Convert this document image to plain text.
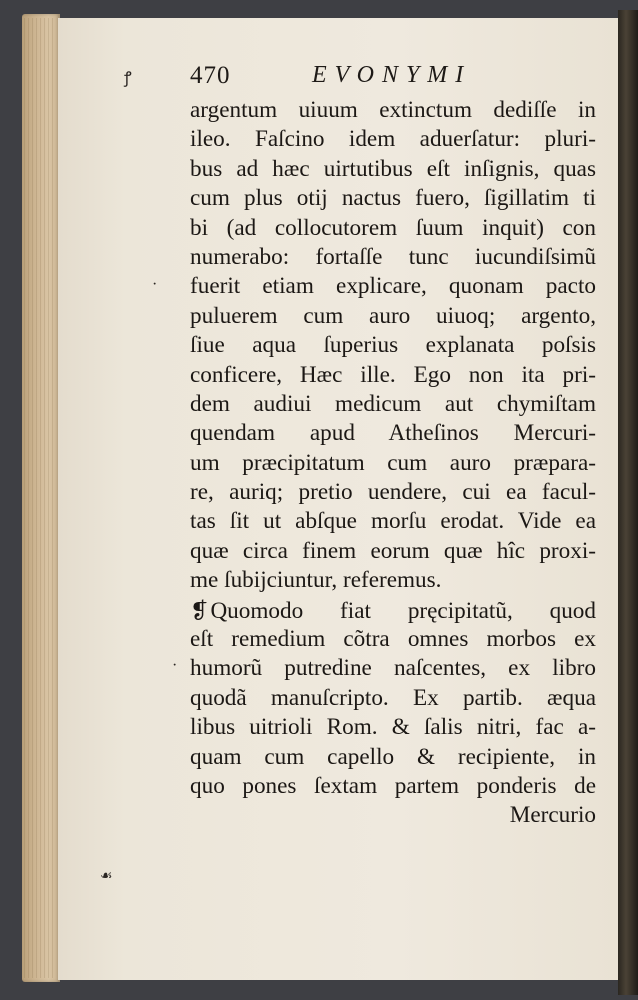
ꝭ
·
·
☙
470	EVONYMI
argentum uiuum extinctum dediſſe in
ileo. Faſcino idem aduerſatur: pluri-
bus ad hæc uirtutibus eſt inſignis, quas
cum plus otij nactus fuero, ſigillatim ti
bi (ad collocutorem ſuum inquit) con
numerabo: fortaſſe tunc iucundiſsimũ
fuerit etiam explicare, quonam pacto
puluerem cum auro uiuoq; argento,
ſiue aqua ſuperius explanata poſsis
conficere, Hæc ille. Ego non ita pri-
dem audiui medicum aut chymiſtam
quendam apud Atheſinos Mercuri-
um præcipitatum cum auro præpara-
re, auriq; pretio uendere, cui ea facul-
tas ſit ut abſque morſu erodat. Vide ea
quæ circa finem eorum quæ hîc proxi-
me ſubijciuntur, referemus.
❡Quomodo fiat pręcipitatũ, quod
eſt remedium cõtra omnes morbos ex
humorũ putredine naſcentes, ex libro
quodã manuſcripto. Ex partib. æqua
libus uitrioli Rom. & ſalis nitri, fac a-
quam cum capello & recipiente, in
quo pones ſextam partem ponderis de
Mercurio
